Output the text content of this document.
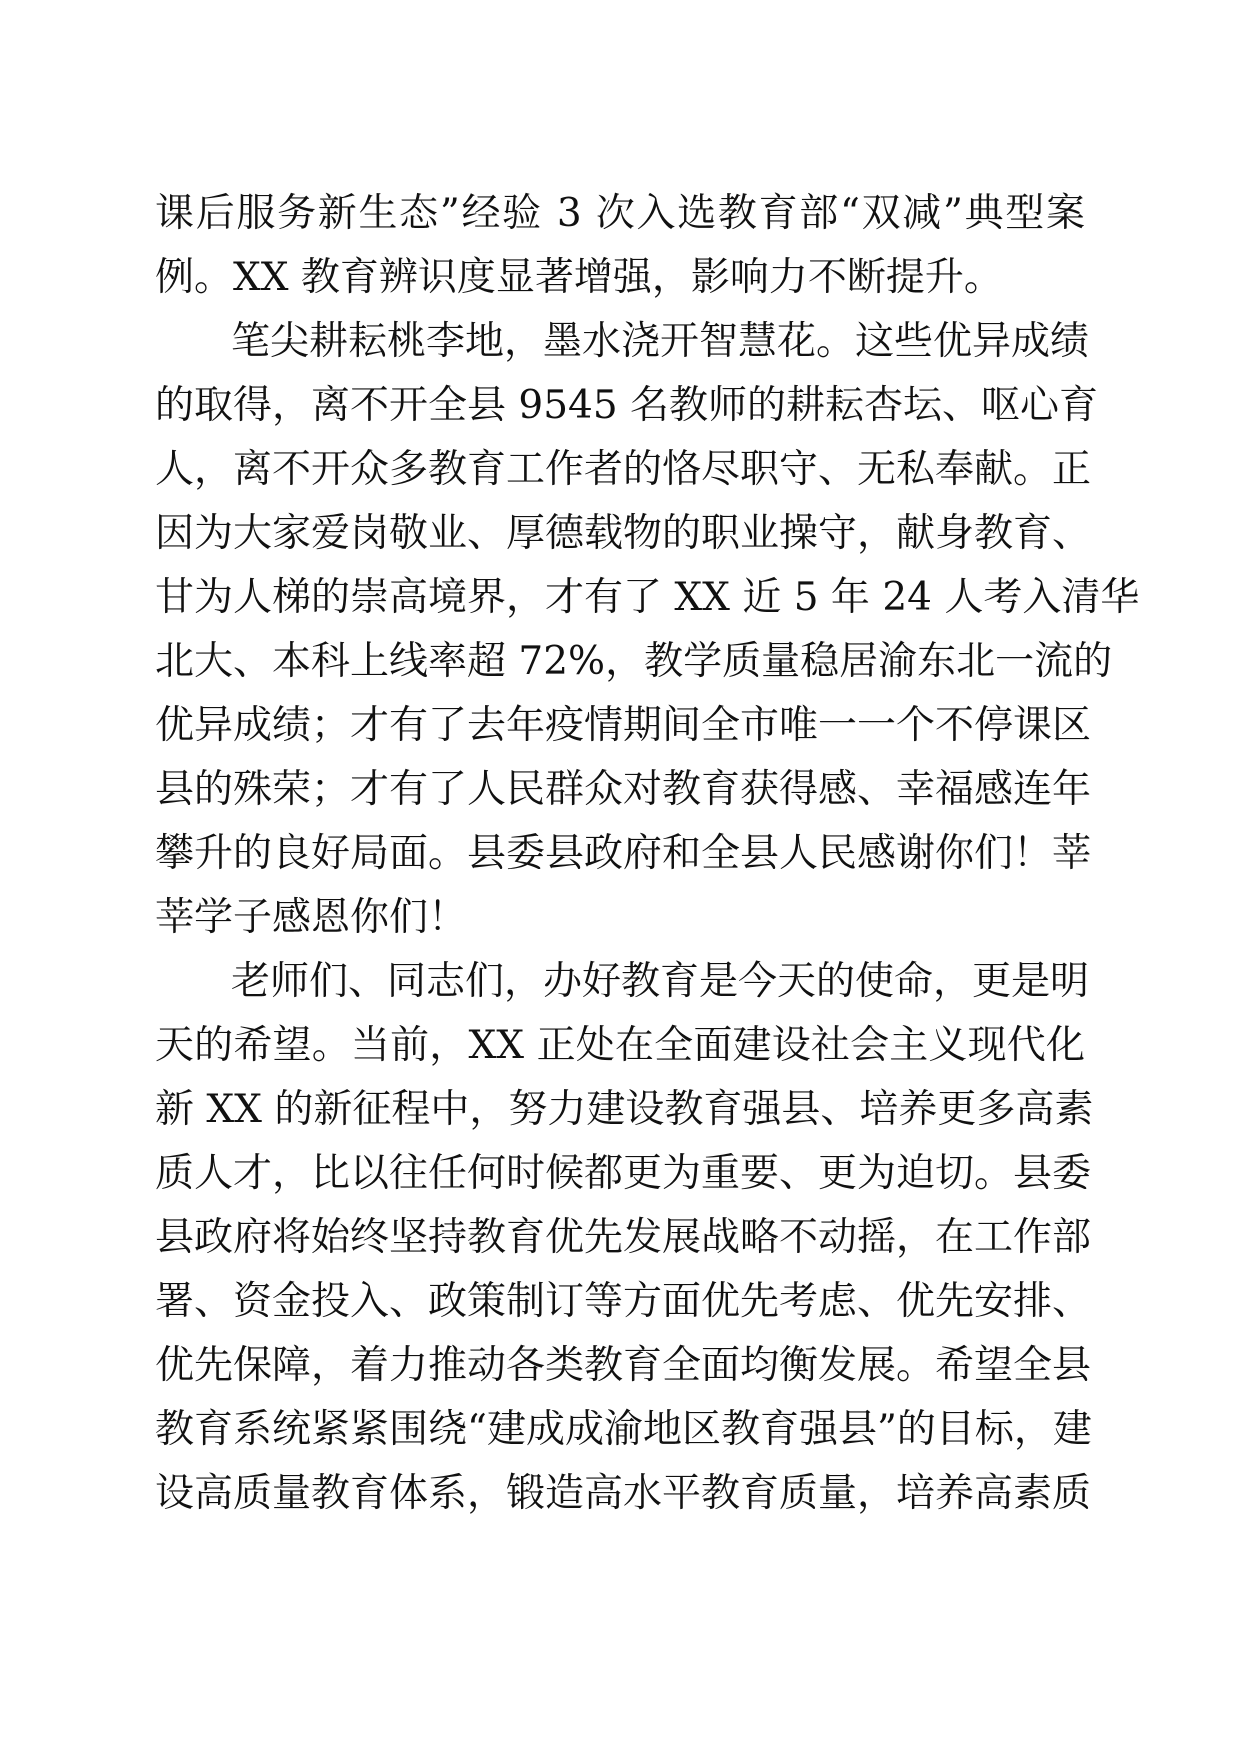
课后服务新生态”经验 3 次入选教育部“双减”典型案
例。XX 教育辨识度显著增强，影响力不断提升。
笔尖耕耘桃李地，墨水浇开智慧花。这些优异成绩
的取得，离不开全县 9545 名教师的耕耘杏坛、呕心育
人，离不开众多教育工作者的恪尽职守、无私奉献。正
因为大家爱岗敬业、厚德载物的职业操守，献身教育、
甘为人梯的崇高境界，才有了 XX 近 5 年 24 人考入清华
北大、本科上线率超 72%，教学质量稳居渝东北一流的
优异成绩；才有了去年疫情期间全市唯一一个不停课区
县的殊荣；才有了人民群众对教育获得感、幸福感连年
攀升的良好局面。县委县政府和全县人民感谢你们！莘
莘学子感恩你们！
老师们、同志们，办好教育是今天的使命，更是明
天的希望。当前，XX 正处在全面建设社会主义现代化
新 XX 的新征程中，努力建设教育强县、培养更多高素
质人才，比以往任何时候都更为重要、更为迫切。县委
县政府将始终坚持教育优先发展战略不动摇，在工作部
署、资金投入、政策制订等方面优先考虑、优先安排、
优先保障，着力推动各类教育全面均衡发展。希望全县
教育系统紧紧围绕“建成成渝地区教育强县”的目标，建
设高质量教育体系，锻造高水平教育质量，培养高素质
